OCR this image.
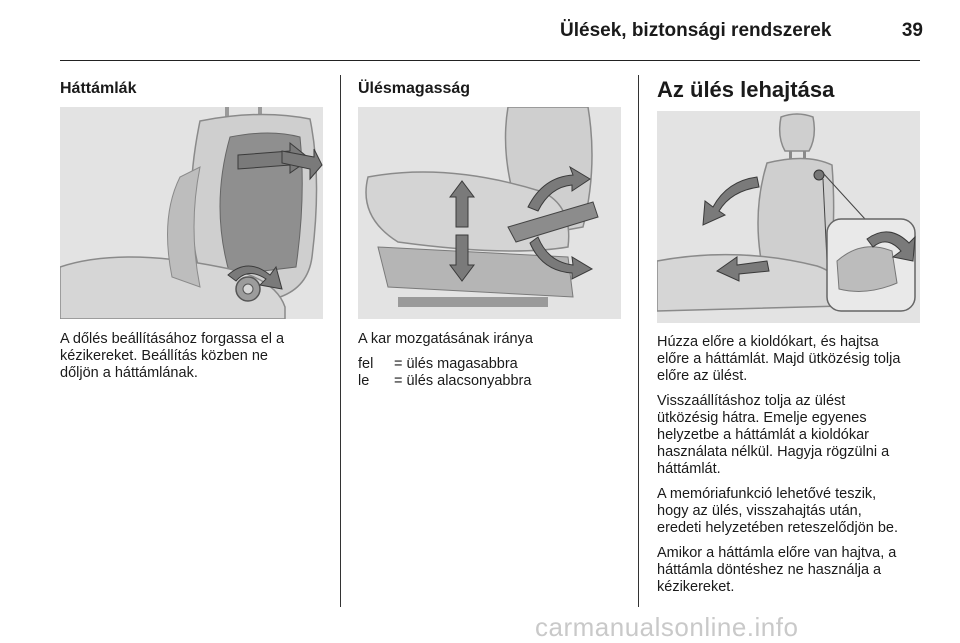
Ülések, biztonsági rendszerek	39
Háttámlák
A dőlés beállításához forgassa el a
kézikereket. Beállítás közben ne
dőljön a háttámlának.
Ülésmagasság

A kar mozgatásának iránya

fel	= ülés magasabbra
le	= ülés alacsonyabbra
Az ülés lehajtása

Húzza előre a kioldókart, és hajtsa
előre a háttámlát. Majd ütközésig tolja
előre az ülést.

Visszaállításhoz tolja az ülést
ütközésig hátra. Emelje egyenes
helyzetbe a háttámlát a kioldókar
használata nélkül. Hagyja rögzülni a
háttámlát.

A memóriafunkció lehetővé teszik,
hogy az ülés, visszahajtás után,
eredeti helyzetében reteszelődjön be.

Amikor a háttámla előre van hajtva, a
háttámla döntéshez ne használja a
kézikereket.

carmanualsonline.info
